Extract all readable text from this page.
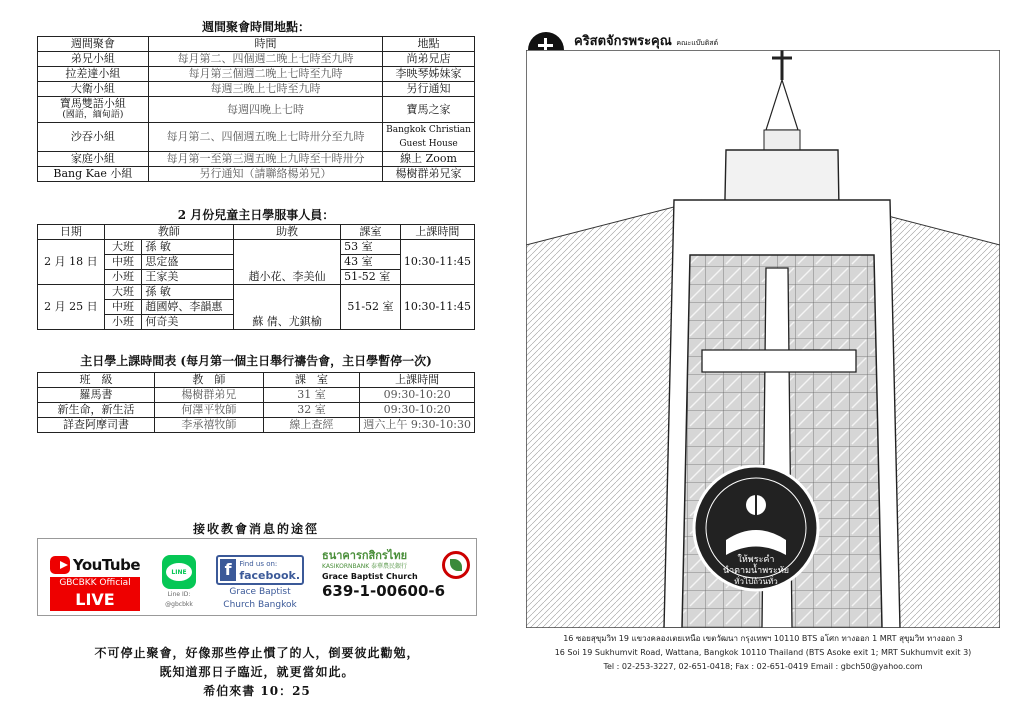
週間聚會時間地點：
週間聚會	時間	地點
弟兄小組	每月第二、四個週二晚上七時至九時	尚弟兄店
拉差達小組	每月第三個週二晚上七時至九時	李映琴姊妹家
大衛小組	每週三晚上七時至九時	另行通知

寶馬雙語小組
(國語，緬甸語)	每週四晚上七時	寶馬之家
沙吞小組	每月第二、四個週五晚上七時卅分至九時	Bangkok Christian
Guest House

家庭小組	每月第一至第三週五晚上九時至十時卅分	線上 Zoom
Bang Kae 小組	另行通知（請聯絡楊弟兄）	楊樹群弟兄家
2 月份兒童主日學服事人員：
日期	教師		助教	課室	上課時間
2 月 18 日	大班	孫 敏		53 室	10:30-11:45
	中班	思定盛		43 室	
	小班	王家美	趙小花、李美仙	51-52 室	
2 月 25 日	大班	孫 敏		51-52 室	10:30-11:45
	中班	趙國婷、李韻惠			
	小班	何奇美	蘇 倩、尤錤榆		
主日學上課時間表 (每月第一個主日舉行禱告會，主日學暫停一次)
班　級	教　師	課　室	上課時間
羅馬書	楊樹群弟兄	31 室	09:30-10:20
新生命，新生活	何澤平牧師	32 室	09:30-10:20
詳查阿摩司書	李承禧牧師	線上查經	週六上午 9:30-10:30
接收教會消息的途徑
YouTube
GBCBKK Official
LIVE
LINE
Line ID:
@gbcbkk
f	Find us on:
facebook.
Grace Baptist
Church Bangkok
ธนาคารกสิกรไทย
KASIKORNBANK 泰華農民銀行
Grace Baptist Church
639-1-00600-6
不可停止聚會，好像那些停止慣了的人，倒要彼此勸勉，
既知道那日子臨近，就更當如此。
希伯來書 10：25
คริสตจักรพระคุณ คณะแบ๊บติสต์
ให้พระคำ
นำตามน้ำพระทัย
ทั่วไปถ้วนทั่ว
16 ซอยสุขุมวิท 19 แขวงคลองเตยเหนือ เขตวัฒนา กรุงเทพฯ 10110 BTS อโศก ทางออก 1 MRT สุขุมวิท ทางออก 3
16 Soi 19 Sukhumvit Road, Wattana, Bangkok 10110 Thailand (BTS Asoke exit 1; MRT Sukhumvit exit 3)
Tel : 02-253-3227, 02-651-0418; Fax : 02-651-0419 Email : gbch50@yahoo.com
